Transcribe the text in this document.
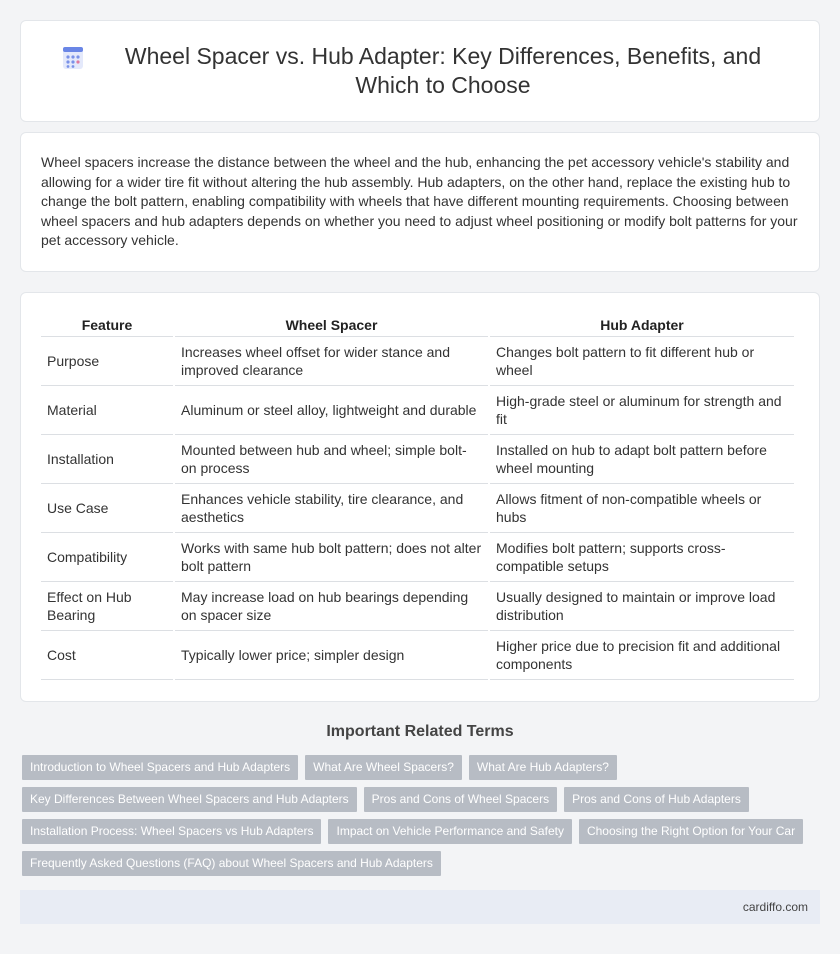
Wheel Spacer vs. Hub Adapter: Key Differences, Benefits, and Which to Choose

Wheel spacers increase the distance between the wheel and the hub, enhancing the pet accessory vehicle's stability and allowing for a wider tire fit without altering the hub assembly. Hub adapters, on the other hand, replace the existing hub to change the bolt pattern, enabling compatibility with wheels that have different mounting requirements. Choosing between wheel spacers and hub adapters depends on whether you need to adjust wheel positioning or modify bolt patterns for your pet accessory vehicle.

Feature	Wheel Spacer	Hub Adapter
Purpose	Increases wheel offset for wider stance and improved clearance	Changes bolt pattern to fit different hub or wheel
Material	Aluminum or steel alloy, lightweight and durable	High-grade steel or aluminum for strength and fit
Installation	Mounted between hub and wheel; simple bolt-on process	Installed on hub to adapt bolt pattern before wheel mounting
Use Case	Enhances vehicle stability, tire clearance, and aesthetics	Allows fitment of non-compatible wheels or hubs
Compatibility	Works with same hub bolt pattern; does not alter bolt pattern	Modifies bolt pattern; supports cross-compatible setups
Effect on Hub Bearing	May increase load on hub bearings depending on spacer size	Usually designed to maintain or improve load distribution
Cost	Typically lower price; simpler design	Higher price due to precision fit and additional components
Important Related Terms
Introduction to Wheel Spacers and Hub Adapters	What Are Wheel Spacers?	What Are Hub Adapters?
Key Differences Between Wheel Spacers and Hub Adapters	Pros and Cons of Wheel Spacers	Pros and Cons of Hub Adapters
Installation Process: Wheel Spacers vs Hub Adapters	Impact on Vehicle Performance and Safety	Choosing the Right Option for Your Car
Frequently Asked Questions (FAQ) about Wheel Spacers and Hub Adapters
cardiffo.com
